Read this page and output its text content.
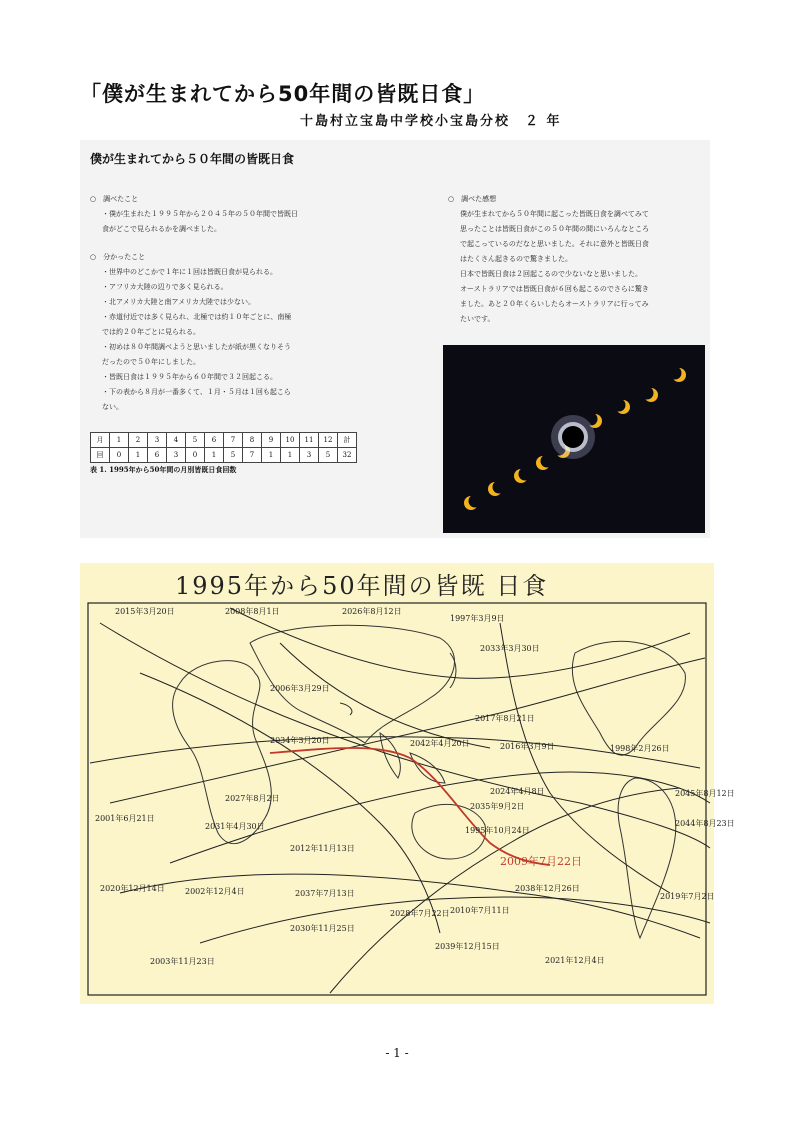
「僕が生まれてから50年間の皆既日食」
十島村立宝島中学校小宝島分校　２ 年
僕が生まれてから５０年間の皆既日食
○　調べたこと
・僕が生まれた１９９５年から２０４５年の５０年間で皆既日
食がどこで見られるかを調べました。
○　分かったこと
・世界中のどこかで１年に１回は皆既日食が見られる。
・アフリカ大陸の辺りで多く見られる。
・北アメリカ大陸と南アメリカ大陸では少ない。
・赤道付近では多く見られ、北極では約１０年ごとに、南極
では約２０年ごとに見られる。
・初めは８０年間調べようと思いましたが紙が黒くなりそう
だったので５０年にしました。
・皆既日食は１９９５年から６０年間で３２回起こる。
・下の表から８月が一番多くて、１月・５月は１回も起こら
ない。
○　調べた感想
僕が生まれてから５０年間に起こった皆既日食を調べてみて
思ったことは皆既日食がこの５０年間の間にいろんなところ
で起こっているのだなと思いました。それに意外と皆既日食
はたくさん起きるので驚きました。
日本で皆既日食は２回起こるので少ないなと思いました。
オーストラリアでは皆既日食が６回も起こるのでさらに驚き
ました。あと２０年くらいしたらオーストラリアに行ってみ
たいです。
月	1	2	3	4	5	6	7	8	9	10	11	12	計
回	0	1	6	3	0	1	5	7	1	1	3	5	32
表 1. 1995年から50年間の月別皆既日食回数
1995年から50年間の皆既 日食
2015年3月20日	2008年8月1日	2026年8月12日
1997年3月9日
2033年3月30日
2006年3月29日
2017年8月21日
2042年4月20日	2016年3月9日
2034年3月20日
1998年2月26日
2024年4月8日
2035年9月2日
1995年10月24日
2009年7月22日
2038年12月26日
2027年8月2日
2001年6月21日
2031年4月30日
2012年11月13日
2020年12月14日	2002年12月4日	2037年7月13日
2028年7月22日 2010年7月11日
2030年11月25日
2019年7月2日
2039年12月15日
2003年11月23日	2021年12月4日
2045年8月12日
2044年8月23日
- 1 -
